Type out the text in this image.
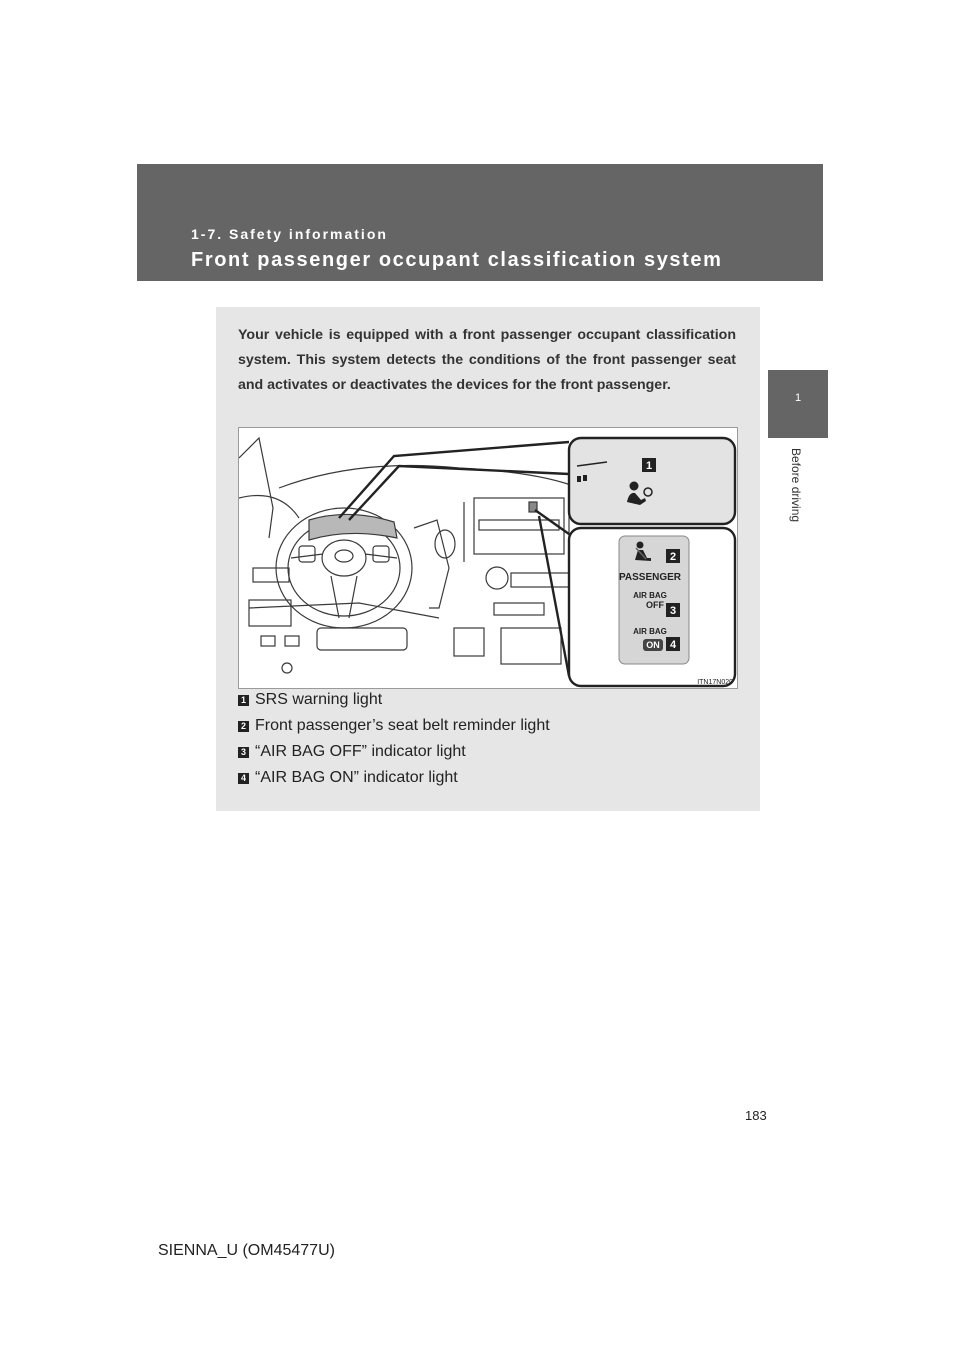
1-7. Safety information
Front passenger occupant classification system
1
Before driving

Your vehicle is equipped with a front passenger occupant classification system. This system detects the conditions of the front passenger seat and activates or deactivates the devices for the front passenger.

1
2
PASSENGER
AIR BAG
OFF 3
AIR BAG
ON 4
ITN17N020
1 SRS warning light
2 Front passenger’s seat belt reminder light
3 “AIR BAG OFF” indicator light
4 “AIR BAG ON” indicator light
183
SIENNA_U (OM45477U)
